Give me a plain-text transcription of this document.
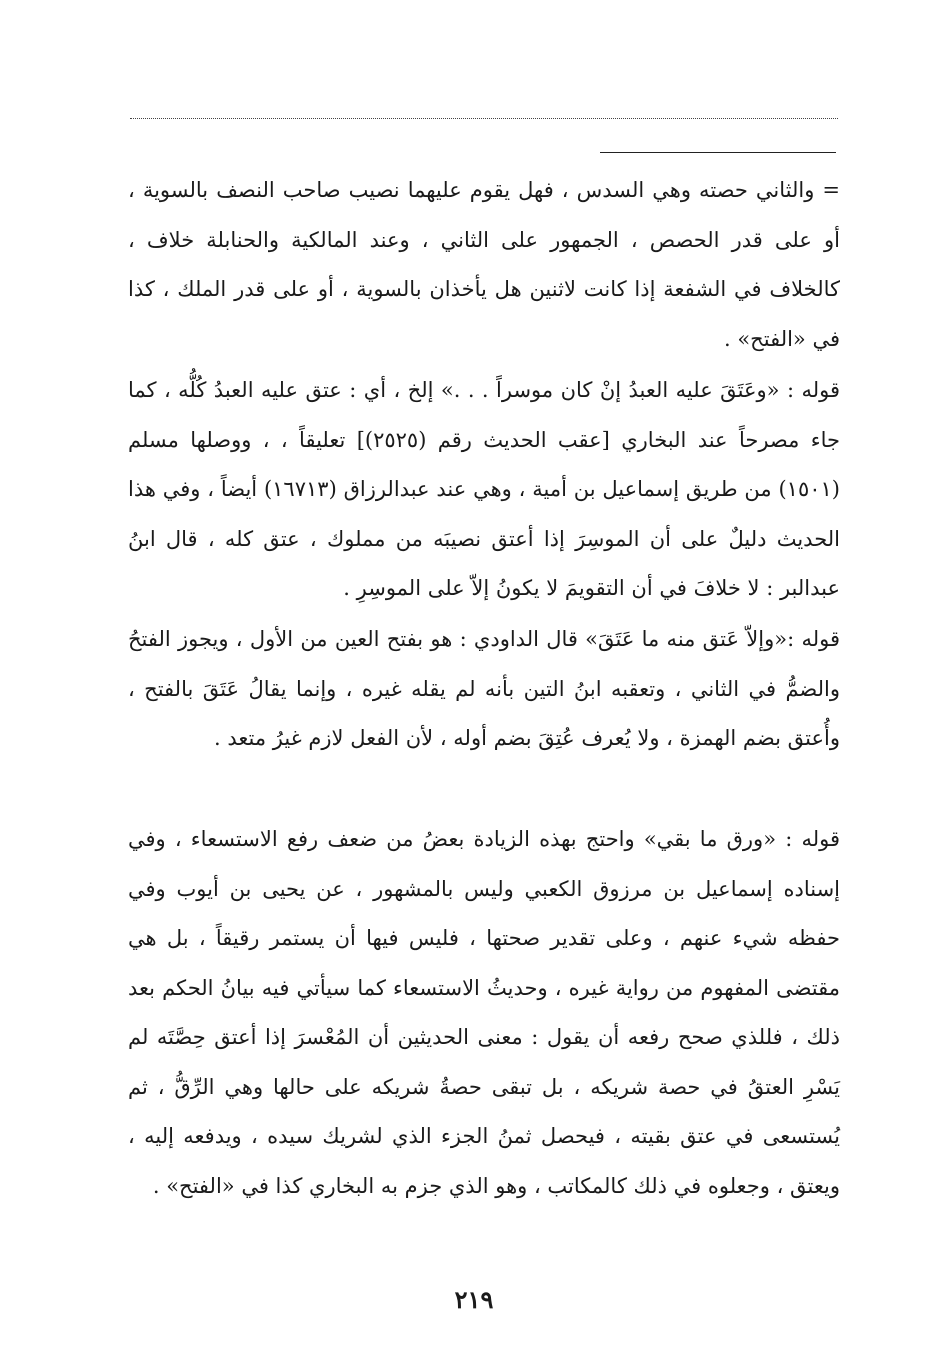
= والثاني حصته وهي السدس ، فهل يقوم عليهما نصيب صاحب النصف بالسوية ، أو على قدر الحصص ، الجمهور على الثاني ، وعند المالكية والحنابلة خلاف ، كالخلاف في الشفعة إذا كانت لاثنين هل يأخذان بالسوية ، أو على قدر الملك ، كذا في «الفتح» .

قوله : «وعَتَقَ عليه العبدُ إنْ كان موسراً . . .» إلخ ، أي : عتق عليه العبدُ كُلُّه ، كما جاء مصرحاً عند البخاري [عقب الحديث رقم (٢٥٢٥)] تعليقاً ، ، ووصلها مسلم (١٥٠١) من طريق إسماعيل بن أمية ، وهي عند عبدالرزاق (١٦٧١٣) أيضاً ، وفي هذا الحديث دليلٌ على أن الموسِرَ إذا أعتق نصيبَه من مملوك ، عتق كله ، قال ابنُ عبدالبر : لا خلافَ في أن التقويمَ لا يكونُ إلاّ على الموسِرِ .

قوله :«وإلاّ عَتق منه ما عَتَقَ» قال الداودي : هو بفتح العين من الأول ، ويجوز الفتحُ والضمُّ في الثاني ، وتعقبه ابنُ التين بأنه لم يقله غيره ، وإنما يقالُ عَتَقَ بالفتح ، وأُعتق بضم الهمزة ، ولا يُعرف عُتِقَ بضم أوله ، لأن الفعل لازم غيرُ متعد .

قوله : «ورق ما بقي» واحتج بهذه الزيادة بعضُ من ضعف رفع الاستسعاء ، وفي إسناده إسماعيل بن مرزوق الكعبي وليس بالمشهور ، عن يحيى بن أيوب وفي حفظه شيء عنهم ، وعلى تقدير صحتها ، فليس فيها أن يستمر رقيقاً ، بل هي مقتضى المفهوم من رواية غيره ، وحديثُ الاستسعاء كما سيأتي فيه بيانُ الحكم بعد ذلك ، فللذي صحح رفعه أن يقول : معنى الحديثين أن المُعْسرَ إذا أعتق حِصَّتَه لم يَسْرِ العتقُ في حصة شريكه ، بل تبقى حصةُ شريكه على حالها وهي الرِّقُّ ، ثم يُستسعى في عتق بقيته ، فيحصل ثمنُ الجزء الذي لشريك سيده ، ويدفعه إليه ، ويعتق ، وجعلوه في ذلك كالمكاتب ، وهو الذي جزم به البخاري كذا في «الفتح» .

٢١٩
